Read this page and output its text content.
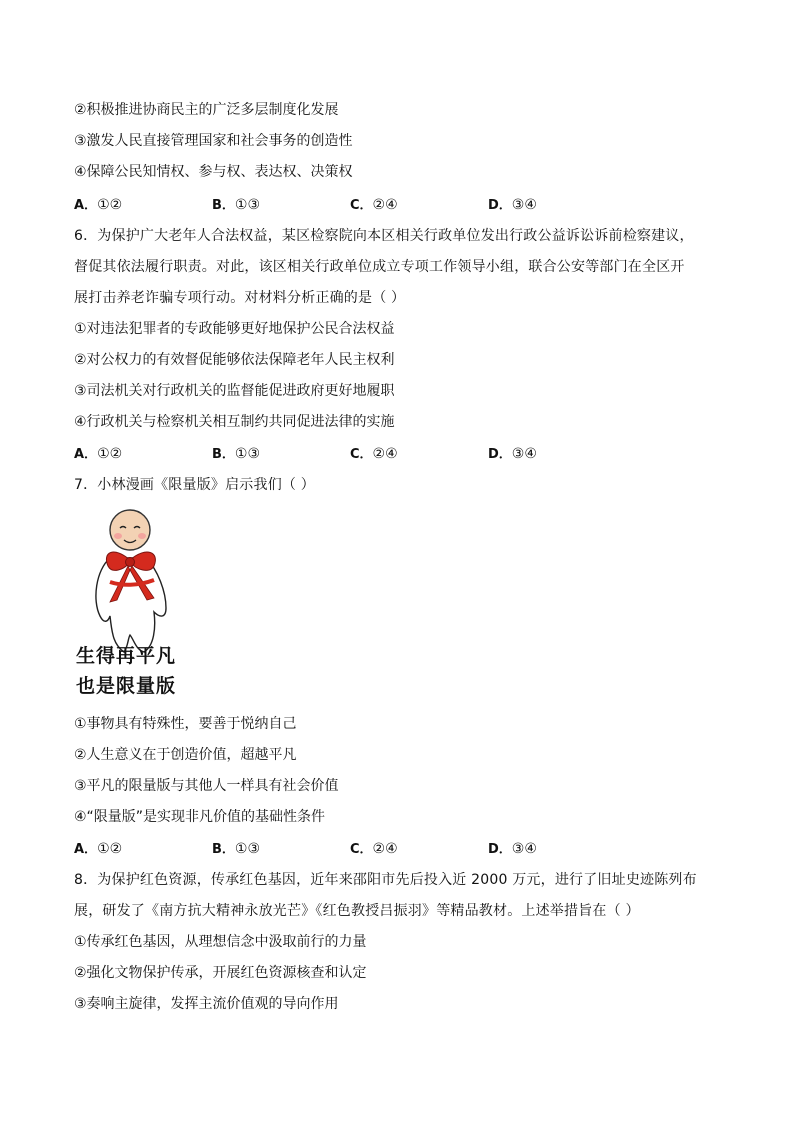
②积极推进协商民主的广泛多层制度化发展
③激发人民直接管理国家和社会事务的创造性
④保障公民知情权、参与权、表达权、决策权
A．①②	B．①③	C．②④	D．③④
6．为保护广大老年人合法权益，某区检察院向本区相关行政单位发出行政公益诉讼诉前检察建议，
督促其依法履行职责。对此，该区相关行政单位成立专项工作领导小组，联合公安等部门在全区开
展打击养老诈骗专项行动。对材料分析正确的是（ ）
①对违法犯罪者的专政能够更好地保护公民合法权益
②对公权力的有效督促能够依法保障老年人民主权利
③司法机关对行政机关的监督能促进政府更好地履职
④行政机关与检察机关相互制约共同促进法律的实施
A．①②	B．①③	C．②④	D．③④
7．小林漫画《限量版》启示我们（ ）
生得再平凡
也是限量版
①事物具有特殊性，要善于悦纳自己
②人生意义在于创造价值，超越平凡
③平凡的限量版与其他人一样具有社会价值
④“限量版”是实现非凡价值的基础性条件
A．①②	B．①③	C．②④	D．③④
8．为保护红色资源，传承红色基因，近年来邵阳市先后投入近 2000 万元，进行了旧址史迹陈列布
展，研发了《南方抗大精神永放光芒》《红色教授吕振羽》等精品教材。上述举措旨在（ ）
①传承红色基因，从理想信念中汲取前行的力量
②强化文物保护传承，开展红色资源核查和认定
③奏响主旋律，发挥主流价值观的导向作用
